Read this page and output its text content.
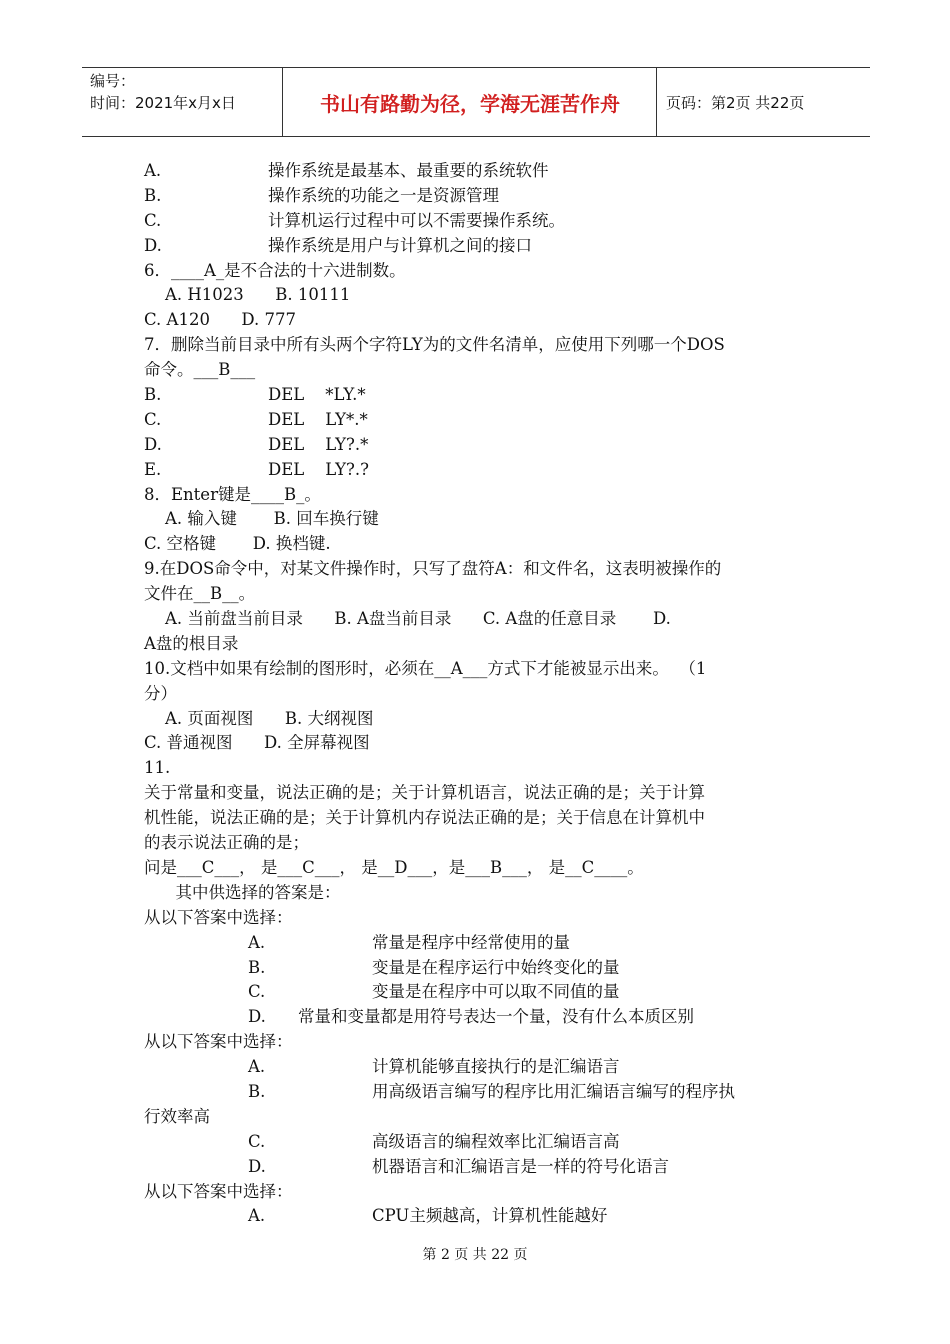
编号：
时间：2021年x月x日	书山有路勤为径，学海无涯苦作舟	页码：第2页 共22页
A.	操作系统是最基本、最重要的系统软件
B.	操作系统的功能之一是资源管理
C.	计算机运行过程中可以不需要操作系统。
D.	操作系统是用户与计算机之间的接口
6．____A_是不合法的十六进制数。
A. H1023      B. 10111
C. A120      D. 777
7．删除当前目录中所有头两个字符LY为的文件名清单，应使用下列哪一个DOS
命令。___B___
B.	DEL    *LY.*
C.	DEL    LY*.*
D.	DEL    LY?.*
E.	DEL    LY?.?
8．Enter键是____B_。
A. 输入键       B. 回车换行键
C. 空格键       D. 换档键.
9.在DOS命令中，对某文件操作时，只写了盘符A：和文件名，这表明被操作的
文件在__B__。
A. 当前盘当前目录      B. A盘当前目录      C. A盘的任意目录       D.
A盘的根目录
10.文档中如果有绘制的图形时，必须在__A___方式下才能被显示出来。  （1
分）
A. 页面视图      B. 大纲视图
C. 普通视图      D. 全屏幕视图
11.
关于常量和变量，说法正确的是；关于计算机语言，说法正确的是；关于计算
机性能，说法正确的是；关于计算机内存说法正确的是；关于信息在计算机中
的表示说法正确的是；
问是___C___， 是___C___， 是__D___，是___B___， 是__C____。
其中供选择的答案是：
从以下答案中选择：
A.	常量是程序中经常使用的量
B.	变量是在程序运行中始终变化的量
C.	变量是在程序中可以取不同值的量
D. 常量和变量都是用符号表达一个量，没有什么本质区别
从以下答案中选择：
A.	计算机能够直接执行的是汇编语言
B.	用高级语言编写的程序比用汇编语言编写的程序执
行效率高
C.	高级语言的编程效率比汇编语言高
D.	机器语言和汇编语言是一样的符号化语言
从以下答案中选择：
A.	CPU主频越高，计算机性能越好
第 2 页 共 22 页
